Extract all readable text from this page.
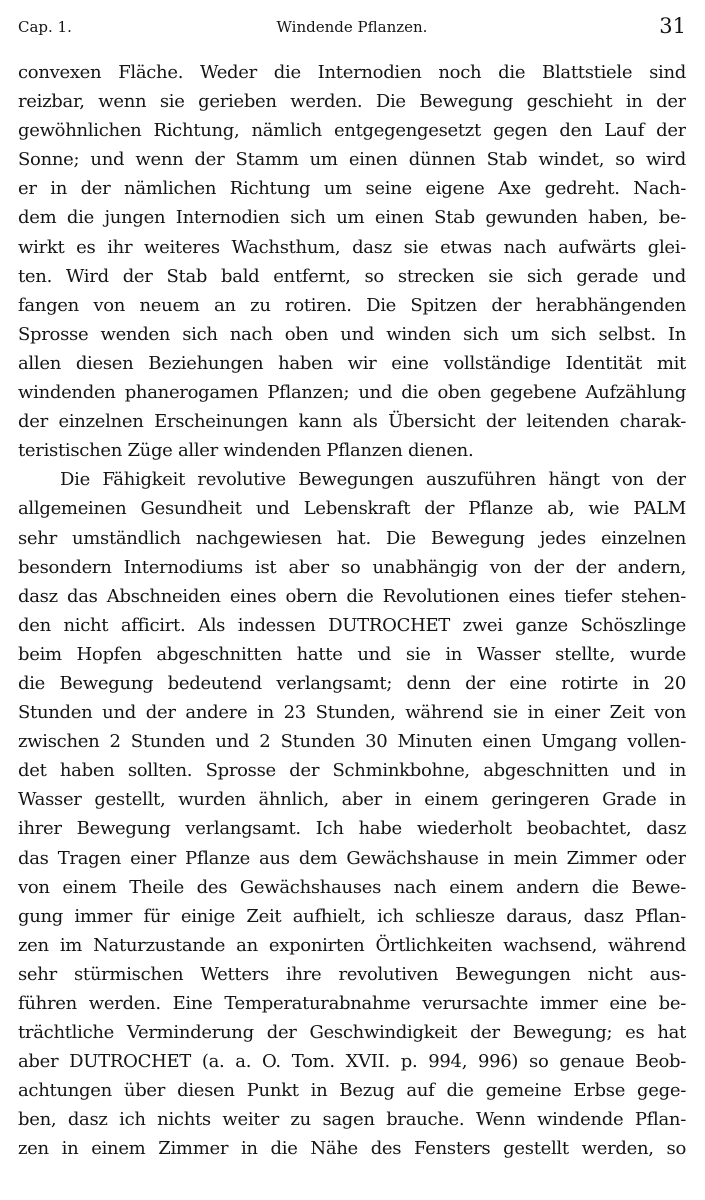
Cap. 1.	Windende Pflanzen.	31
convexen Fläche. Weder die Internodien noch die Blattstiele sind
reizbar, wenn sie gerieben werden. Die Bewegung geschieht in der
gewöhnlichen Richtung, nämlich entgegengesetzt gegen den Lauf der
Sonne; und wenn der Stamm um einen dünnen Stab windet, so wird
er in der nämlichen Richtung um seine eigene Axe gedreht. Nach-
dem die jungen Internodien sich um einen Stab gewunden haben, be-
wirkt es ihr weiteres Wachsthum, dasz sie etwas nach aufwärts glei-
ten. Wird der Stab bald entfernt, so strecken sie sich gerade und
fangen von neuem an zu rotiren. Die Spitzen der herabhängenden
Sprosse wenden sich nach oben und winden sich um sich selbst. In
allen diesen Beziehungen haben wir eine vollständige Identität mit
windenden phanerogamen Pflanzen; und die oben gegebene Aufzählung
der einzelnen Erscheinungen kann als Übersicht der leitenden charak-
teristischen Züge aller windenden Pflanzen dienen.
Die Fähigkeit revolutive Bewegungen auszuführen hängt von der
allgemeinen Gesundheit und Lebenskraft der Pflanze ab, wie PALM
sehr umständlich nachgewiesen hat. Die Bewegung jedes einzelnen
besondern Internodiums ist aber so unabhängig von der der andern,
dasz das Abschneiden eines obern die Revolutionen eines tiefer stehen-
den nicht afficirt. Als indessen DUTROCHET zwei ganze Schöszlinge
beim Hopfen abgeschnitten hatte und sie in Wasser stellte, wurde
die Bewegung bedeutend verlangsamt; denn der eine rotirte in 20
Stunden und der andere in 23 Stunden, während sie in einer Zeit von
zwischen 2 Stunden und 2 Stunden 30 Minuten einen Umgang vollen-
det haben sollten. Sprosse der Schminkbohne, abgeschnitten und in
Wasser gestellt, wurden ähnlich, aber in einem geringeren Grade in
ihrer Bewegung verlangsamt. Ich habe wiederholt beobachtet, dasz
das Tragen einer Pflanze aus dem Gewächshause in mein Zimmer oder
von einem Theile des Gewächshauses nach einem andern die Bewe-
gung immer für einige Zeit aufhielt, ich schliesze daraus, dasz Pflan-
zen im Naturzustande an exponirten Örtlichkeiten wachsend, während
sehr stürmischen Wetters ihre revolutiven Bewegungen nicht aus-
führen werden. Eine Temperaturabnahme verursachte immer eine be-
trächtliche Verminderung der Geschwindigkeit der Bewegung; es hat
aber DUTROCHET (a. a. O. Tom. XVII. p. 994, 996) so genaue Beob-
achtungen über diesen Punkt in Bezug auf die gemeine Erbse gege-
ben, dasz ich nichts weiter zu sagen brauche. Wenn windende Pflan-
zen in einem Zimmer in die Nähe des Fensters gestellt werden, so
